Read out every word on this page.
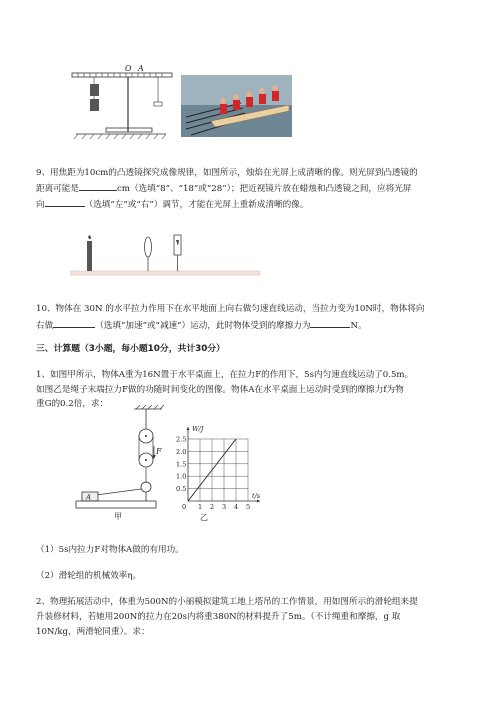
O A
9、用焦距为10cm的凸透镜探究成像规律，如图所示，烛焰在光屏上成清晰的像。则光屏到凸透镜的
距离可能是	cm（选填“8”、“18”或“28”）；把近视镜片放在蜡烛和凸透镜之间，应将光屏
向	（选填“左”或“右”）调节，才能在光屏上重新成清晰的像。
10、物体在 30N 的水平拉力作用下在水平地面上向右做匀速直线运动，当拉力变为10N时，物体将向
右做	（选填“加速”或“减速”）运动，此时物体受到的摩擦力为	N。
三、计算题（3小题，每小题10分，共计30分）
1、如图甲所示，物体A重为16N置于水平桌面上，在拉力F的作用下，5s内匀速直线运动了0.5m。
如图乙是绳子末端拉力F做的功随时间变化的图像。物体A在水平桌面上运动时受到的摩擦力f为物
重G的0.2倍，求：
F
A
甲
1 2 3 4 5
0.5
1.0
1.5
2.0
2.5
0
W/J
t/s
乙
（1）5s内拉力F对物体A做的有用功。
（2）滑轮组的机械效率η。
2、物理拓展活动中，体重为500N的小丽模拟建筑工地上塔吊的工作情景，用如图所示的滑轮组来提
升装修材料，若她用200N的拉力在20s内将重380N的材料提升了5m。（不计绳重和摩擦，g 取
10N/kg，两滑轮同重）。求：
